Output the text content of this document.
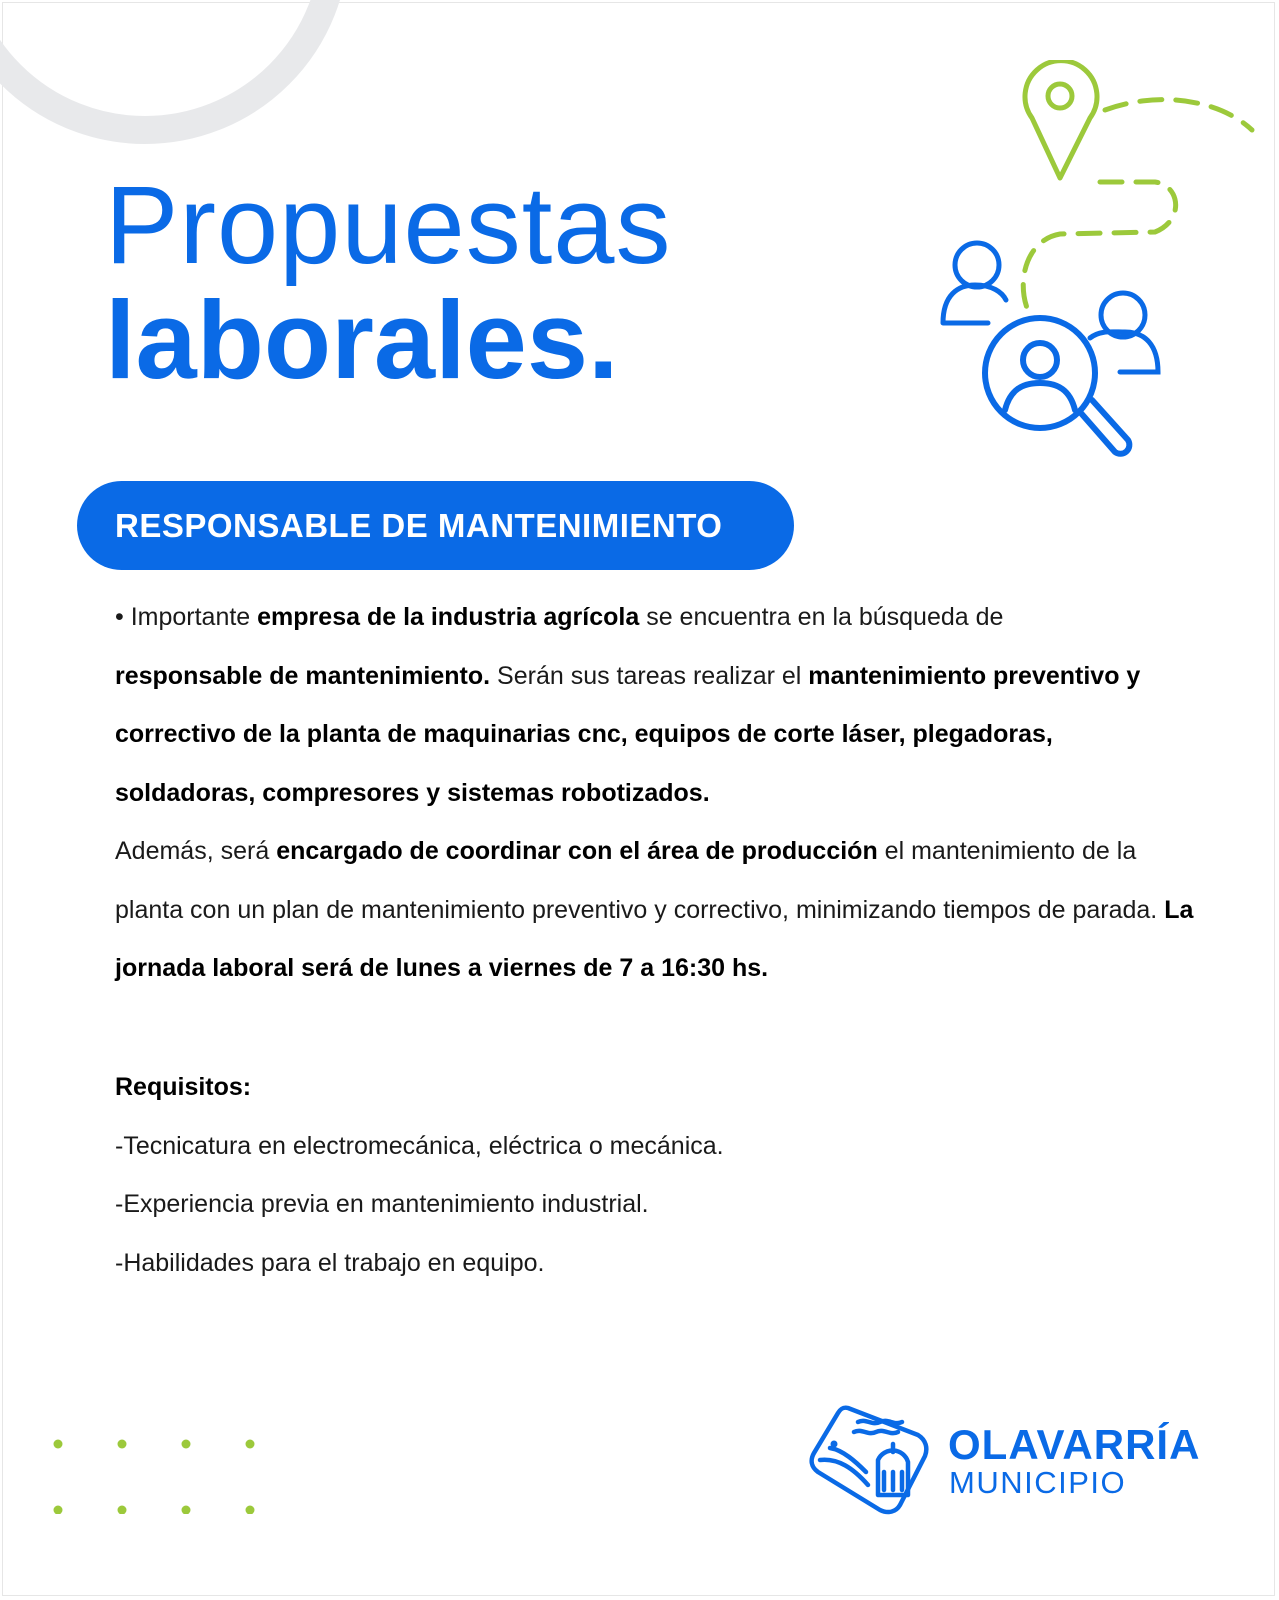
Propuestas
laborales.
RESPONSABLE DE MANTENIMIENTO

• Importante empresa de la industria agrícola se encuentra en la búsqueda de
responsable de mantenimiento. Serán sus tareas realizar el mantenimiento preventivo y correctivo de la planta de maquinarias cnc, equipos de corte láser, plegadoras, soldadoras, compresores y sistemas robotizados.

Además, será encargado de coordinar con el área de producción el mantenimiento de la planta con un plan de mantenimiento preventivo y correctivo, minimizando tiempos de parada. La jornada laboral será de lunes a viernes de 7 a 16:30 hs.

Requisitos:

-Tecnicatura en electromecánica, eléctrica o mecánica.

-Experiencia previa en mantenimiento industrial.

-Habilidades para el trabajo en equipo.

OLAVARRÍA
MUNICIPIO
